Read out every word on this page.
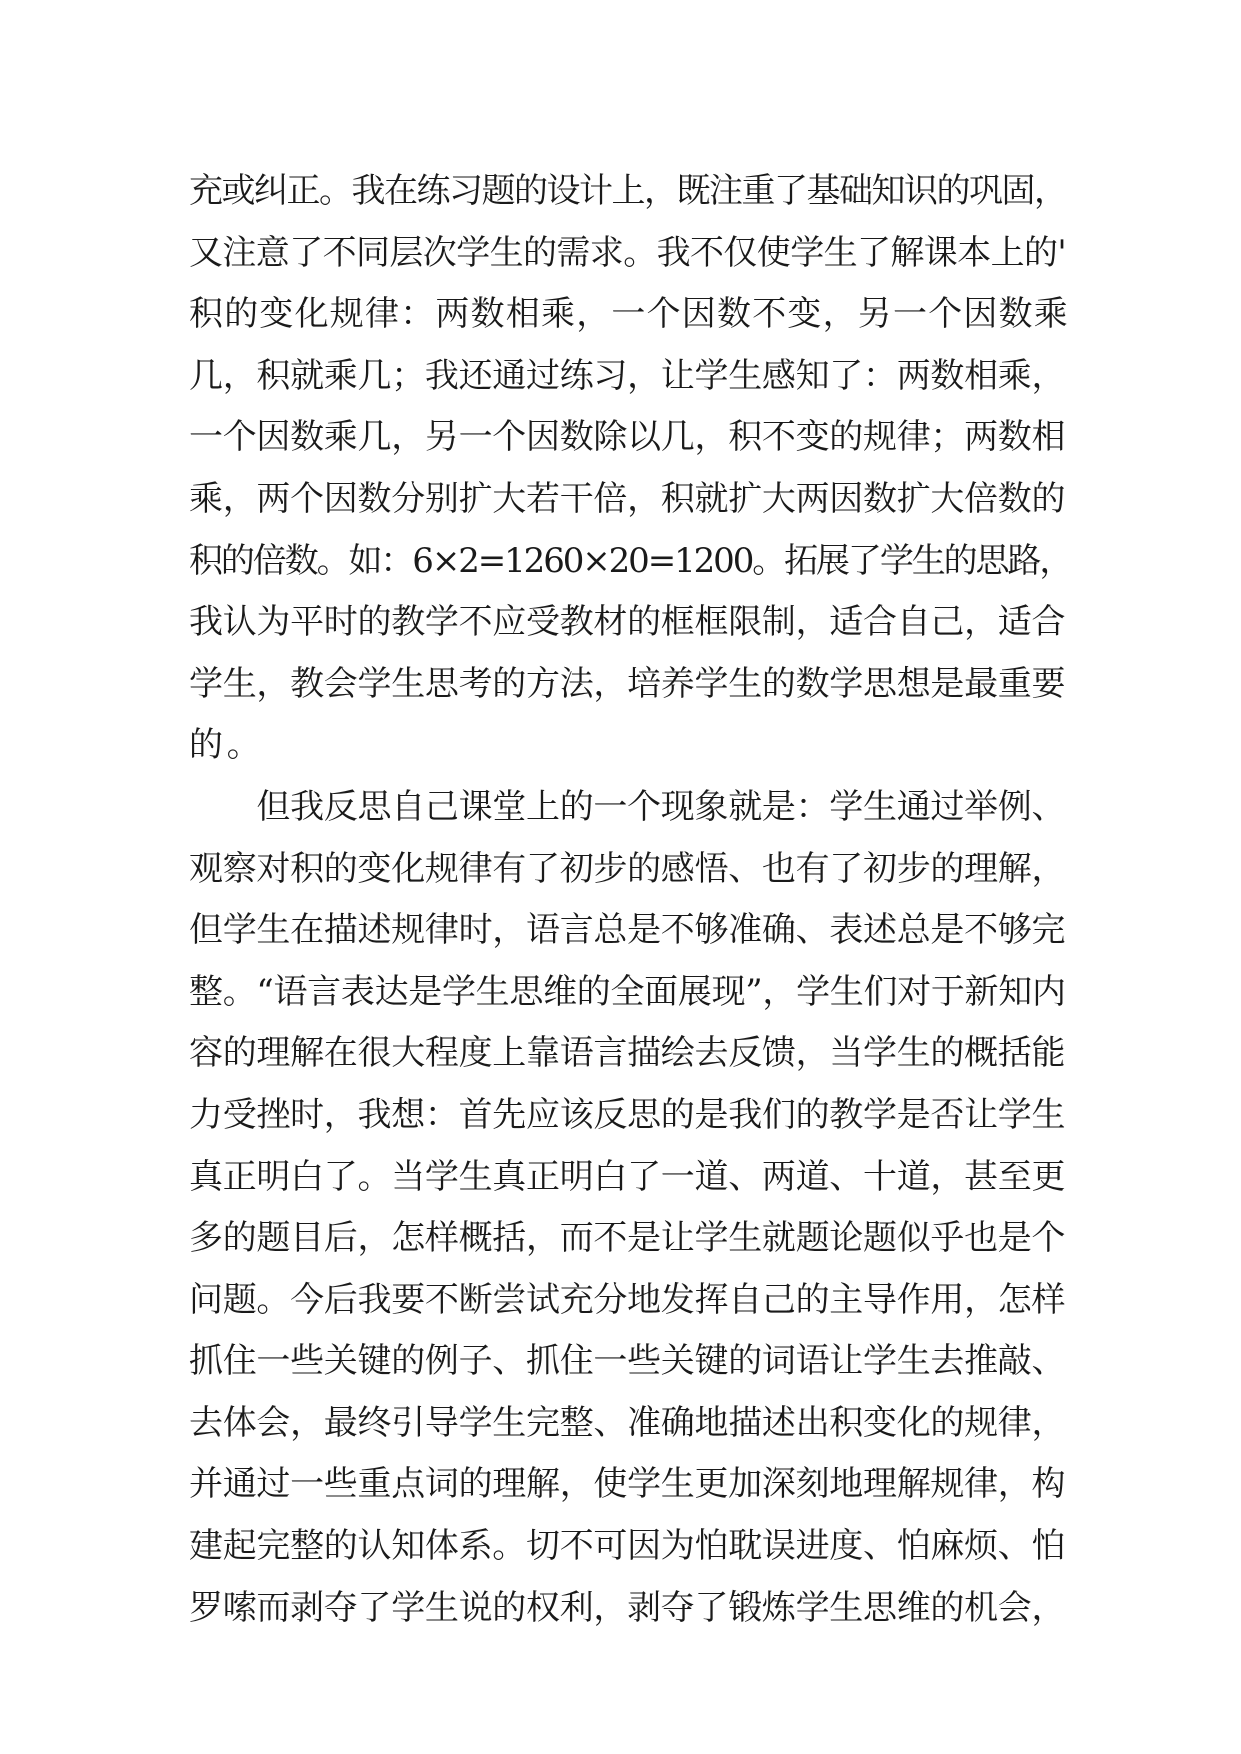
充或纠正。我在练习题的设计上，既注重了基础知识的巩固，
又注意了不同层次学生的需求。我不仅使学生了解课本上的'
积的变化规律：两数相乘，一个因数不变，另一个因数乘
几，积就乘几；我还通过练习，让学生感知了：两数相乘，
一个因数乘几，另一个因数除以几，积不变的规律；两数相
乘，两个因数分别扩大若干倍，积就扩大两因数扩大倍数的
积的倍数。如：6×2=1260×20=1200。拓展了学生的思路，
我认为平时的教学不应受教材的框框限制，适合自己，适合
学生，教会学生思考的方法，培养学生的数学思想是最重要
的。
　　但我反思自己课堂上的一个现象就是：学生通过举例、
观察对积的变化规律有了初步的感悟、也有了初步的理解，
但学生在描述规律时，语言总是不够准确、表述总是不够完
整。“语言表达是学生思维的全面展现”，学生们对于新知内
容的理解在很大程度上靠语言描绘去反馈，当学生的概括能
力受挫时，我想：首先应该反思的是我们的教学是否让学生
真正明白了。当学生真正明白了一道、两道、十道，甚至更
多的题目后，怎样概括，而不是让学生就题论题似乎也是个
问题。今后我要不断尝试充分地发挥自己的主导作用，怎样
抓住一些关键的例子、抓住一些关键的词语让学生去推敲、
去体会，最终引导学生完整、准确地描述出积变化的规律，
并通过一些重点词的理解，使学生更加深刻地理解规律，构
建起完整的认知体系。切不可因为怕耽误进度、怕麻烦、怕
罗嗦而剥夺了学生说的权利，剥夺了锻炼学生思维的机会，
